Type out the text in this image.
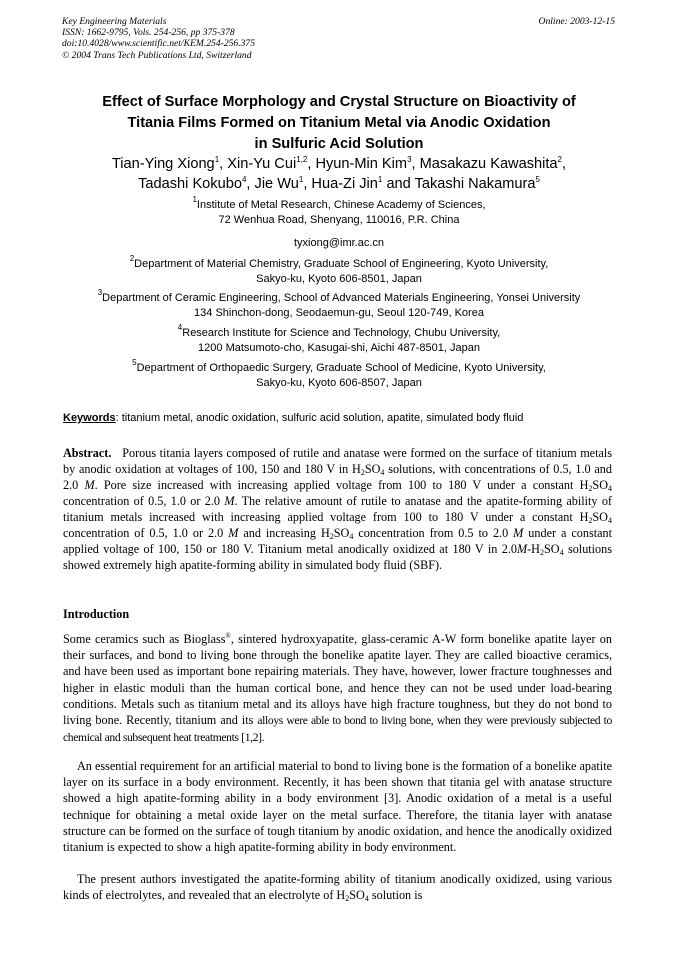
Key Engineering Materials
ISSN: 1662-9795, Vols. 254-256, pp 375-378
doi:10.4028/www.scientific.net/KEM.254-256.375
© 2004 Trans Tech Publications Ltd, Switzerland
Online: 2003-12-15
Effect of Surface Morphology and Crystal Structure on Bioactivity of
Titania Films Formed on Titanium Metal via Anodic Oxidation
in Sulfuric Acid Solution
Tian-Ying Xiong$^1$, Xin-Yu Cui$^{1,2}$, Hyun-Min Kim$^3$, Masakazu Kawashita$^2$,
Tadashi Kokubo$^4$, Jie Wu$^1$, Hua-Zi Jin$^1$ and Takashi Nakamura$^5$
$^1$Institute of Metal Research, Chinese Academy of Sciences,
72 Wenhua Road, Shenyang, 110016, P.R. China
tyxiong@imr.ac.cn
$^2$Department of Material Chemistry, Graduate School of Engineering, Kyoto University,
Sakyo-ku, Kyoto 606-8501, Japan
$^3$Department of Ceramic Engineering, School of Advanced Materials Engineering, Yonsei University
134 Shinchon-dong, Seodaemun-gu, Seoul 120-749, Korea
$^4$Research Institute for Science and Technology, Chubu University,
1200 Matsumoto-cho, Kasugai-shi, Aichi 487-8501, Japan
$^5$Department of Orthopaedic Surgery, Graduate School of Medicine, Kyoto University,
Sakyo-ku, Kyoto 606-8507, Japan
Keywords: titanium metal, anodic oxidation, sulfuric acid solution, apatite, simulated body fluid
Abstract. Porous titania layers composed of rutile and anatase were formed on the surface of titanium metals by anodic oxidation at voltages of 100, 150 and 180 V in $H_2SO_4$ solutions, with concentrations of 0.5, 1.0 and 2.0 M. Pore size increased with increasing applied voltage from 100 to 180 V under a constant $H_2SO_4$ concentration of 0.5, 1.0 or 2.0 M. The relative amount of rutile to anatase and the apatite-forming ability of titanium metals increased with increasing applied voltage from 100 to 180 V under a constant $H_2SO_4$ concentration of 0.5, 1.0 or 2.0 M and increasing $H_2SO_4$ concentration from 0.5 to 2.0 M under a constant applied voltage of 100, 150 or 180 V. Titanium metal anodically oxidized at 180 V in $2.0M-H_2SO_4$ solutions showed extremely high apatite-forming ability in simulated body fluid (SBF).
Introduction
Some ceramics such as Bioglass®, sintered hydroxyapatite, glass-ceramic A-W form bonelike apatite layer on their surfaces, and bond to living bone through the bonelike apatite layer. They are called bioactive ceramics, and have been used as important bone repairing materials. They have, however, lower fracture toughnesses and higher in elastic moduli than the human cortical bone, and hence they can not be used under load-bearing conditions. Metals such as titanium metal and its alloys have high fracture toughness, but they do not bond to living bone. Recently, titanium and its alloys were able to bond to living bone, when they were previously subjected to chemical and subsequent heat treatments [1,2].
An essential requirement for an artificial material to bond to living bone is the formation of a bonelike apatite layer on its surface in a body environment. Recently, it has been shown that titania gel with anatase structure showed a high apatite-forming ability in a body environment [3]. Anodic oxidation of a metal is a useful technique for obtaining a metal oxide layer on the metal surface. Therefore, the titania layer with anatase structure can be formed on the surface of tough titanium by anodic oxidation, and hence the anodically oxidized titanium is expected to show a high apatite-forming ability in body environment.
The present authors investigated the apatite-forming ability of titanium anodically oxidized, using various kinds of electrolytes, and revealed that an electrolyte of $H_2SO_4$ solution is
